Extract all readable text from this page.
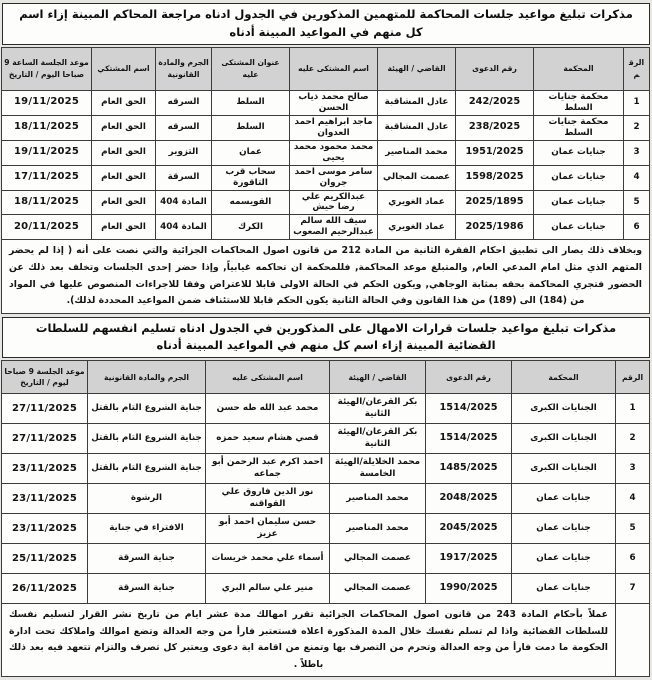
مذكرات تبليغ مواعيد جلسات المحاكمة للمتهمين المذكورين في الجدول ادناه مراجعة المحاكم المبينة إزاء اسم كل منهم في المواعيد المبينة أدناه
الرقم	المحكمة	رقم الدعوى	القاضي / الهيئة	اسم المشتكى عليه	عنوان المشتكى عليه	الجرم والمادة القانونية	اسم المشتكي	موعد الجلسة الساعة 9 صباحا اليوم / التاريخ
1	محكمة جنايات السلط	242/2025	عادل المشاقبة	صالح محمد ذياب الحسن	السلط	السرقه	الحق العام	19/11/2025
2	محكمة جنايات السلط	238/2025	عادل المشاقبة	ماجد ابراهيم احمد العدوان	السلط	السرقه	الحق العام	18/11/2025
3	جنايات عمان	1951/2025	محمد المناصير	محمد محمود محمد يحيى	عمان	التزوير	الحق العام	19/11/2025
4	جنايات عمان	1598/2025	عصمت المجالي	سامر موسى احمد جروان	سحاب قرب التاقورة	السرقة	الحق العام	17/11/2025
5	جنايات عمان	2025/1895	عماد الغويري	عبدالكريم علي رضا حيش	القويسمه	المادة 404	الحق العام	18/11/2025
6	جنايات عمان	2025/1986	عماد الغويري	سيف الله سالم عبدالرحيم الصعوب	الكرك	المادة 404	الحق العام	20/11/2025
وبخلاف ذلك يصار الى تطبيق احكام الفقرة الثانية من المادة 212 من قانون اصول المحاكمات الجزائية والتي نصت على أنه ( إذا لم يحضر المتهم الذي مثل امام المدعي العام, والمتبلغ موعد المحاكمة, فللمحكمة ان تحاكمه غيابياً, وإذا حضر إحدى الجلسات وتخلف بعد ذلك عن الحضور فتجري المحاكمة بحقه بمثابة الوجاهي, ويكون الحكم في الحالة الاولى قابلا للاعتراض وفقا للاجراءات المنصوص عليها في المواد من (184) الى (189) من هذا القانون وفي الحالة الثانية يكون الحكم قابلا للاستئناف ضمن المواعيد المحددة لذلك).								
مذكرات تبليغ مواعيد جلسات قرارات الامهال على المذكورين في الجدول ادناه تسليم انفسهم للسلطات القضائية المبينة إزاء اسم كل منهم في المواعيد المبينة أدناه
الرقم	المحكمة	رقم الدعوى	القاضي / الهيئة	اسم المشتكى عليه	الجرم والمادة القانونية	موعد الجلسة 9 صباحا ليوم / التاريخ
1	الجنايات الكبرى	1514/2025	بكر القرعان/الهيئة الثانية	محمد عبد الله طه حسن	جناية الشروع التام بالقتل	27/11/2025
2	الجنايات الكبرى	1514/2025	بكر القرعان/الهيئة الثانية	قصي هشام سعيد حمزه	جناية الشروع التام بالقتل	27/11/2025
3	الجنايات الكبرى	1485/2025	محمد الخلايلة/الهيئة الخامسة	احمد اكرم عبد الرحمن أبو جماعه	جناية الشروع التام بالقتل	23/11/2025
4	جنايات عمان	2048/2025	محمد المناصير	نور الدين فاروق علي القواقنه	الرشوة	23/11/2025
5	جنايات عمان	2045/2025	محمد المناصير	حسن سليمان احمد أبو عزيز	الافتراء في جناية	23/11/2025
6	جنايات عمان	1917/2025	عصمت المجالي	أسماء علي محمد خريسات	جناية السرقة	25/11/2025
7	جنايات عمان	1990/2025	عصمت المجالي	منير علي سالم البري	جناية السرقة	26/11/2025
	عملاً بأحكام المادة 243 من قانون اصول المحاكمات الجزائية تقرر امهالك مدة عشر ايام من تاريخ نشر القرار لتسليم نفسك للسلطات القضائية واذا لم تسلم نفسك خلال المدة المذكورة اعلاه فستعتبر فارأ من وجه العدالة وتضع اموالك واملاكك تحت ادارة الحكومة ما دمت فارأ من وجه العدالة وتحرم من التصرف بها وتمنع من اقامة اية دعوى ويعتبر كل تصرف والتزام تتعهد فيه بعد ذلك باطلاً .					
